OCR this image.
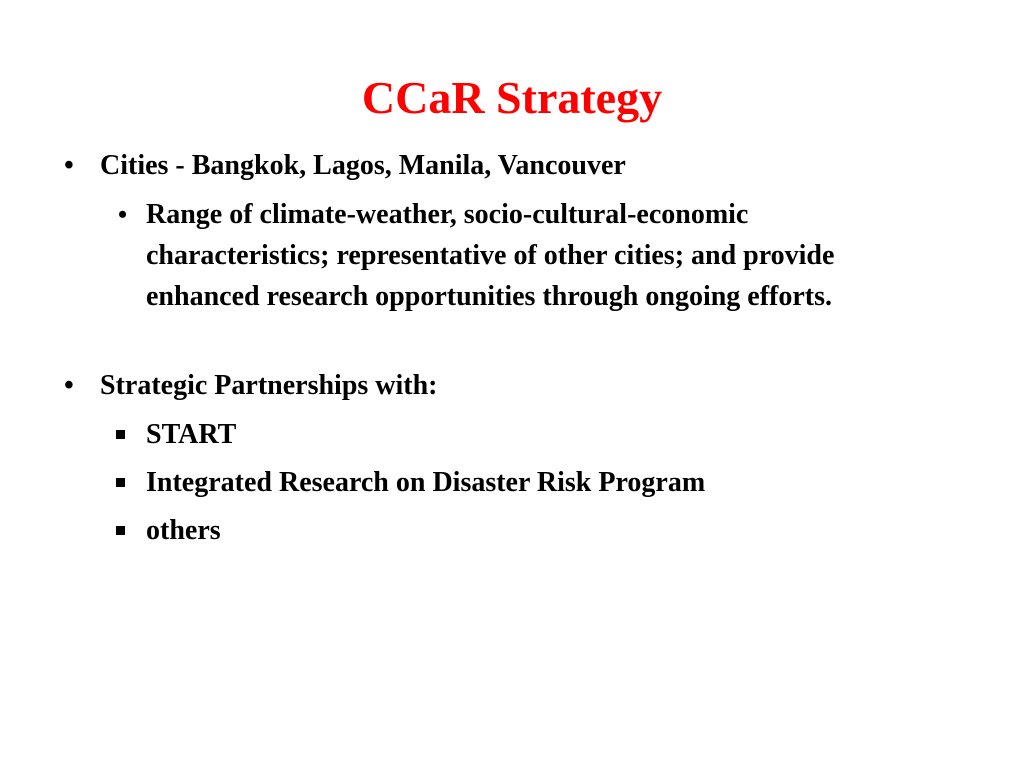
CCaR Strategy
• Cities - Bangkok, Lagos, Manila, Vancouver

• Range of climate-weather, socio-cultural-economic characteristics; representative of other cities; and provide enhanced research opportunities through ongoing efforts.

• Strategic Partnerships with:

START

Integrated Research on Disaster Risk Program

others
